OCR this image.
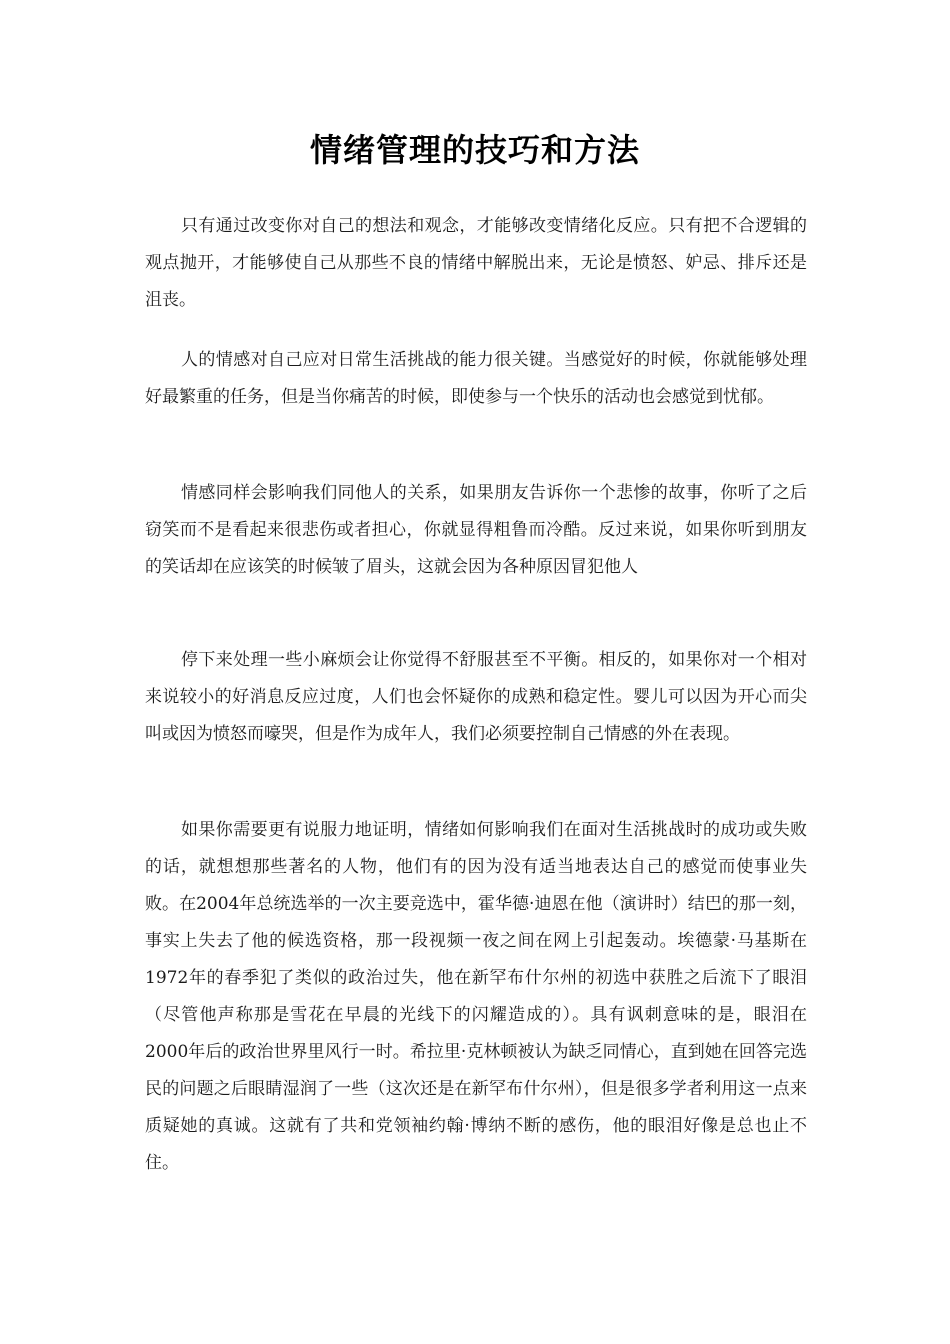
情绪管理的技巧和方法

只有通过改变你对自己的想法和观念，才能够改变情绪化反应。只有把不合逻辑的观点抛开，才能够使自己从那些不良的情绪中解脱出来，无论是愤怒、妒忌、排斥还是沮丧。

人的情感对自己应对日常生活挑战的能力很关键。当感觉好的时候，你就能够处理好最繁重的任务，但是当你痛苦的时候，即使参与一个快乐的活动也会感觉到忧郁。

情感同样会影响我们同他人的关系，如果朋友告诉你一个悲惨的故事，你听了之后窃笑而不是看起来很悲伤或者担心，你就显得粗鲁而冷酷。反过来说，如果你听到朋友的笑话却在应该笑的时候皱了眉头，这就会因为各种原因冒犯他人

停下来处理一些小麻烦会让你觉得不舒服甚至不平衡。相反的，如果你对一个相对来说较小的好消息反应过度，人们也会怀疑你的成熟和稳定性。婴儿可以因为开心而尖叫或因为愤怒而嚎哭，但是作为成年人，我们必须要控制自己情感的外在表现。

如果你需要更有说服力地证明，情绪如何影响我们在面对生活挑战时的成功或失败的话，就想想那些著名的人物，他们有的因为没有适当地表达自己的感觉而使事业失败。在2004年总统选举的一次主要竞选中，霍华德·迪恩在他（演讲时）结巴的那一刻，事实上失去了他的候选资格，那一段视频一夜之间在网上引起轰动。埃德蒙·马基斯在1972年的春季犯了类似的政治过失，他在新罕布什尔州的初选中获胜之后流下了眼泪（尽管他声称那是雪花在早晨的光线下的闪耀造成的）。具有讽刺意味的是，眼泪在2000年后的政治世界里风行一时。希拉里·克林顿被认为缺乏同情心，直到她在回答完选民的问题之后眼睛湿润了一些（这次还是在新罕布什尔州），但是很多学者利用这一点来质疑她的真诚。这就有了共和党领袖约翰·博纳不断的感伤，他的眼泪好像是总也止不住。
